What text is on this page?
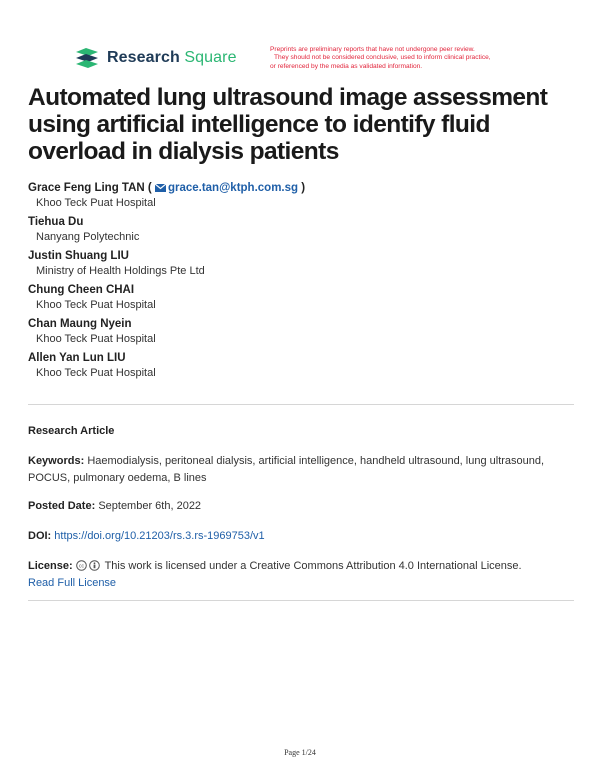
Research Square	Preprints are preliminary reports that have not undergone peer review.
They should not be considered conclusive, used to inform clinical practice,
or referenced by the media as validated information.
Automated lung ultrasound image assessment using artificial intelligence to identify fluid overload in dialysis patients
Grace Feng Ling TAN ( grace.tan@ktph.com.sg )
Khoo Teck Puat Hospital
Tiehua Du
Nanyang Polytechnic
Justin Shuang LIU
Ministry of Health Holdings Pte Ltd
Chung Cheen CHAI
Khoo Teck Puat Hospital
Chan Maung Nyein
Khoo Teck Puat Hospital
Allen Yan Lun LIU
Khoo Teck Puat Hospital
Research Article
Keywords: Haemodialysis, peritoneal dialysis, artificial intelligence, handheld ultrasound, lung ultrasound, POCUS, pulmonary oedema, B lines
Posted Date: September 6th, 2022
DOI: https://doi.org/10.21203/rs.3.rs-1969753/v1
License: cc This work is licensed under a Creative Commons Attribution 4.0 International License.
Read Full License
Page 1/24
